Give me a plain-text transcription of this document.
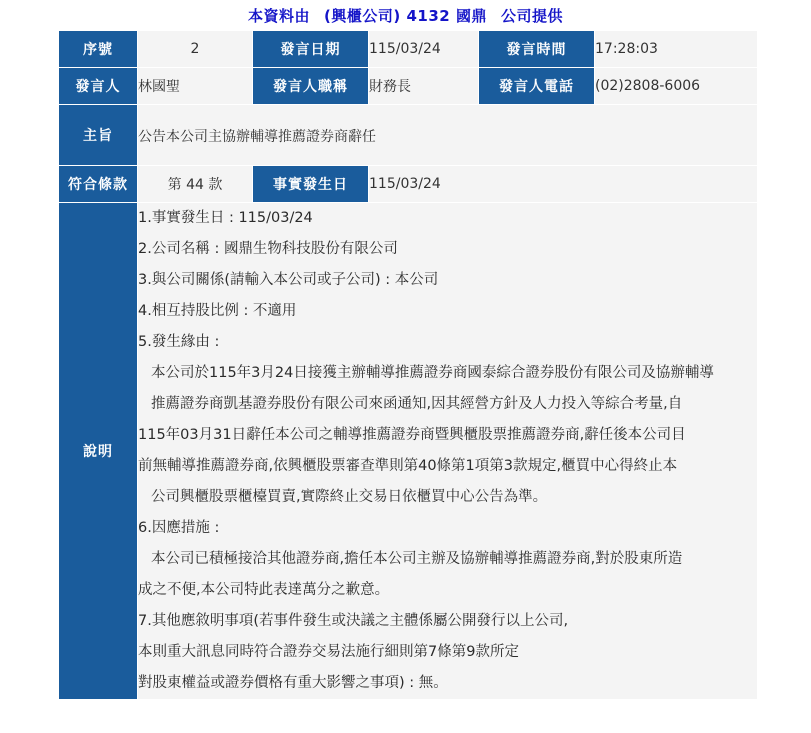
本資料由 (興櫃公司) 4132 國鼎 公司提供
序號	2	發言日期	115/03/24	發言時間	17:28:03
發言人	林國聖	發言人職稱	財務長	發言人電話	(02)2808-6006
主旨	公告本公司主協辦輔導推薦證券商辭任				
符合條款	第 44 款	事實發生日	115/03/24		
說明	
1.事實發生日 : 115/03/24
2.公司名稱 : 國鼎生物科技股份有限公司
3.與公司關係(請輸入本公司或子公司) : 本公司
4.相互持股比例 : 不適用
5.發生緣由 :
本公司於115年3月24日接獲主辦輔導推薦證券商國泰綜合證券股份有限公司及協辦輔導
推薦證券商凱基證券股份有限公司來函通知,因其經營方針及人力投入等綜合考量,自
115年03月31日辭任本公司之輔導推薦證券商暨興櫃股票推薦證券商,辭任後本公司目
前無輔導推薦證券商,依興櫃股票審查準則第40條第1項第3款規定,櫃買中心得終止本
公司興櫃股票櫃檯買賣,實際終止交易日依櫃買中心公告為準。
6.因應措施 :
本公司已積極接洽其他證券商,擔任本公司主辦及協辦輔導推薦證券商,對於股東所造
成之不便,本公司特此表達萬分之歉意。
7.其他應敘明事項(若事件發生或決議之主體係屬公開發行以上公司,
本則重大訊息同時符合證券交易法施行細則第7條第9款所定
對股東權益或證券價格有重大影響之事項) : 無。
